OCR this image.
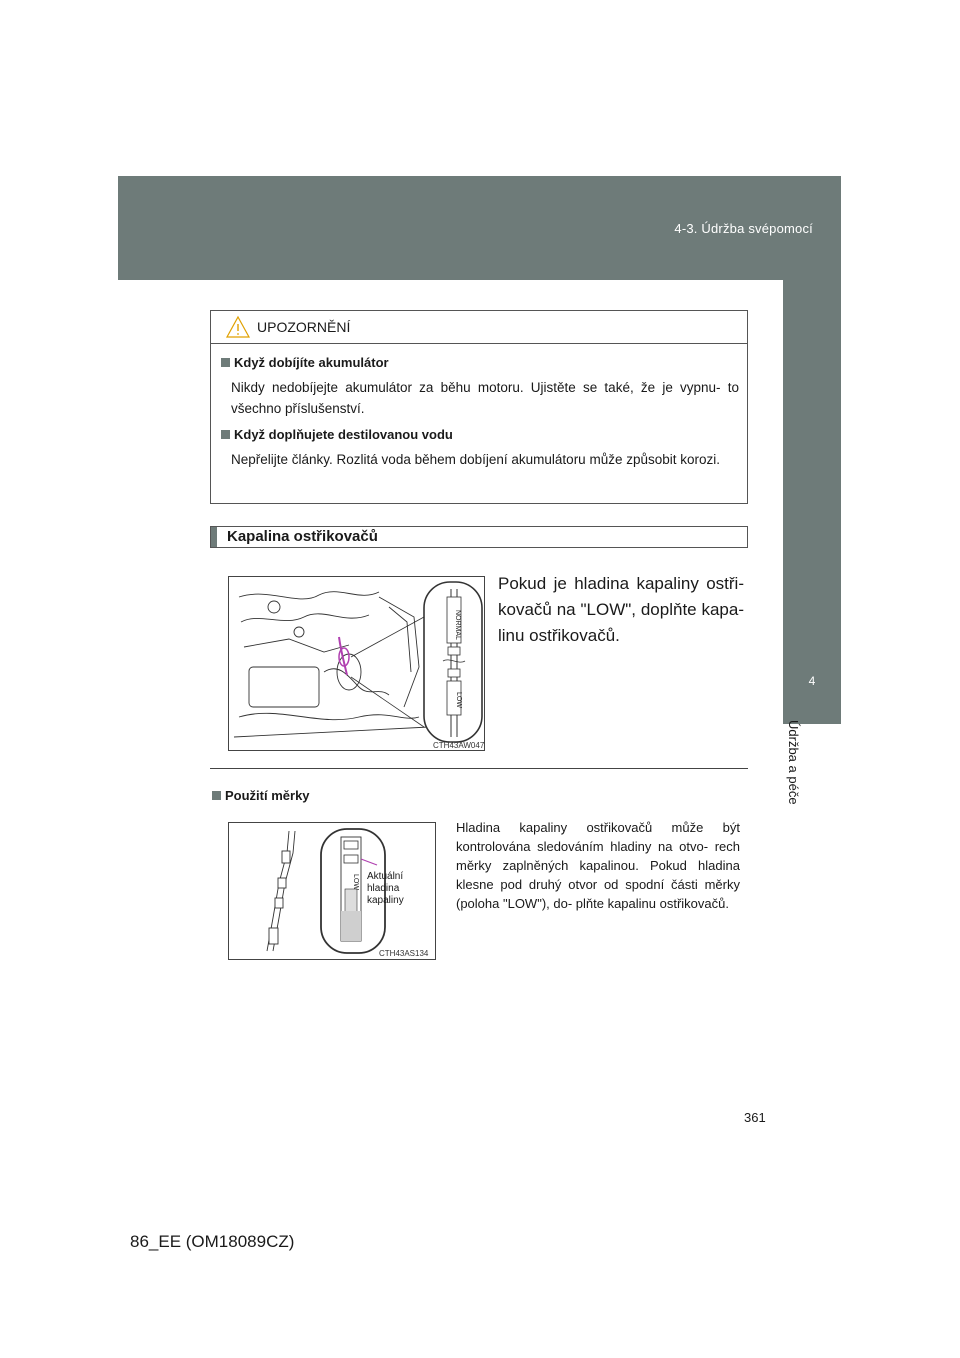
4-3. Údržba svépomocí
4
Údržba a péče
UPOZORNĚNÍ
Když dobíjíte akumulátor
Nikdy nedobíjejte akumulátor za běhu motoru. Ujistěte se také, že je vypnu- to všechno příslušenství.
Když doplňujete destilovanou vodu
Nepřelijte články. Rozlitá voda během dobíjení akumulátoru může způsobit korozi.
Kapalina ostřikovačů
NORMAL
LOW
CTH43AW047
Pokud je hladina kapaliny ostři- kovačů na "LOW", doplňte kapa- linu ostřikovačů.
Použití měrky
LOW Aktuální
hladina
kapaliny
CTH43AS134
Hladina kapaliny ostřikovačů může být kontrolována sledováním hladiny na otvo- rech měrky zaplněných kapalinou. Pokud hladina klesne pod druhý otvor od spodní části měrky (poloha "LOW"), do- plňte kapalinu ostřikovačů.
361
86_EE (OM18089CZ)
